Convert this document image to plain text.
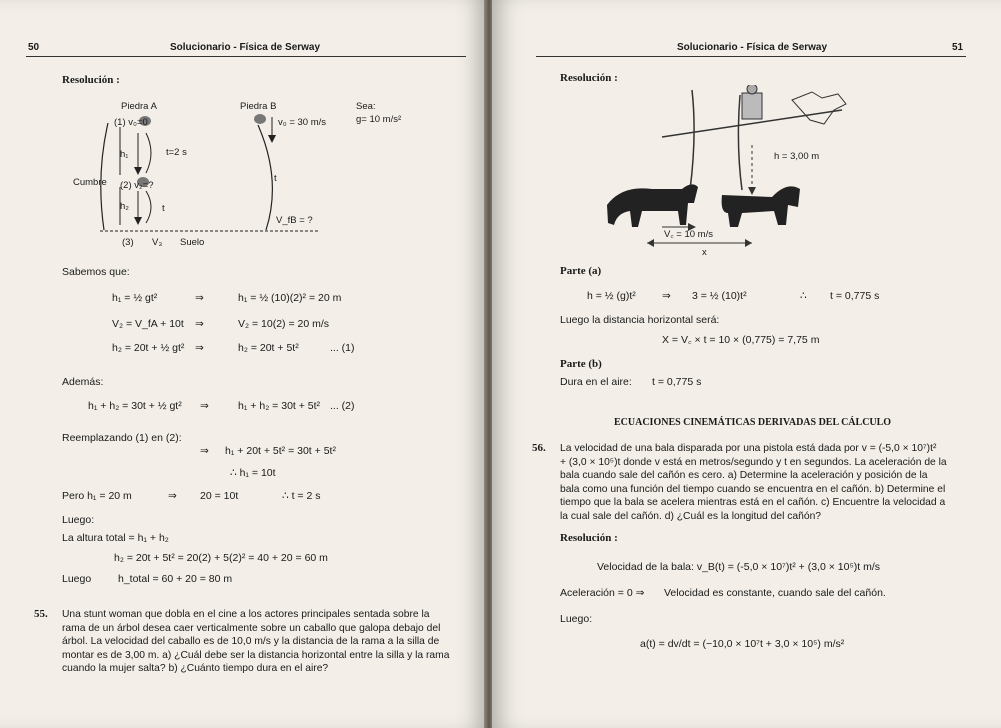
50	Solucionario - Física de Serway
Resolución :
Piedra A	Piedra B	Sea:
g= 10 m/s²
(1) v₀=0	v₀ = 30 m/s
h₁	t=2 s
Cumbre (2) v₂=?
h₂	t
t
V_fB = ?
(3) V₃ Suelo
Sabemos que:
h₁ = ½ gt²	⇒	h₁ = ½ (10)(2)² = 20 m
V₂ = V_fA + 10t ⇒	V₂ = 10(2) = 20 m/s
h₂ = 20t + ½ gt² ⇒	h₂ = 20t + 5t²	... (1)
Además:
h₁ + h₂ = 30t + ½ gt² ⇒	h₁ + h₂ = 30t + 5t² ... (2)
Reemplazando (1) en (2):
⇒ h₁ + 20t + 5t² = 30t + 5t²
∴ h₁ = 10t
Pero h₁ = 20 m	⇒ 20 = 10t	∴ t = 2 s
Luego:
La altura total = h₁ + h₂
h₂ = 20t + 5t² = 20(2) + 5(2)² = 40 + 20 = 60 m
Luego	h_total = 60 + 20 = 80 m
55. Una stunt woman que dobla en el cine a los actores principales sentada sobre la
rama de un árbol desea caer verticalmente sobre un caballo que galopa debajo del
árbol. La velocidad del caballo es de 10,0 m/s y la distancia de la rama a la silla de
montar es de 3,00 m. a) ¿Cuál debe ser la distancia horizontal entre la silla y la rama
cuando la mujer salta? b) ¿Cuánto tiempo dura en el aire?
Solucionario - Física de Serway	51
Resolución :
h = 3,00 m
V꜀ = 10 m/s
x
Parte (a)
h = ½ (g)t²	⇒ 3 = ½ (10)t²	∴ t = 0,775 s
Luego la distancia horizontal será:
X = V꜀ × t = 10 × (0,775) = 7,75 m
Parte (b)
Dura en el aire: t = 0,775 s
ECUACIONES CINEMÁTICAS DERIVADAS DEL CÁLCULO
56. La velocidad de una bala disparada por una pistola está dada por v = (-5,0 × 10⁷)t²
+ (3,0 × 10⁵)t donde v está en metros/segundo y t en segundos. La aceleración de la
bala cuando sale del cañón es cero. a) Determine la aceleración y posición de la
bala como una función del tiempo cuando se encuentra en el cañón. b) Determine el
tiempo que la bala se acelera mientras está en el cañón. c) Encuentre la velocidad a
la cual sale del cañón. d) ¿Cuál es la longitud del cañón?
Resolución :
Velocidad de la bala: v_B(t) = (-5,0 × 10⁷)t² + (3,0 × 10⁵)t m/s
Aceleración = 0 ⇒ Velocidad es constante, cuando sale del cañón.
Luego:
a(t) = dv/dt = (−10,0 × 10⁷t + 3,0 × 10⁵) m/s²
